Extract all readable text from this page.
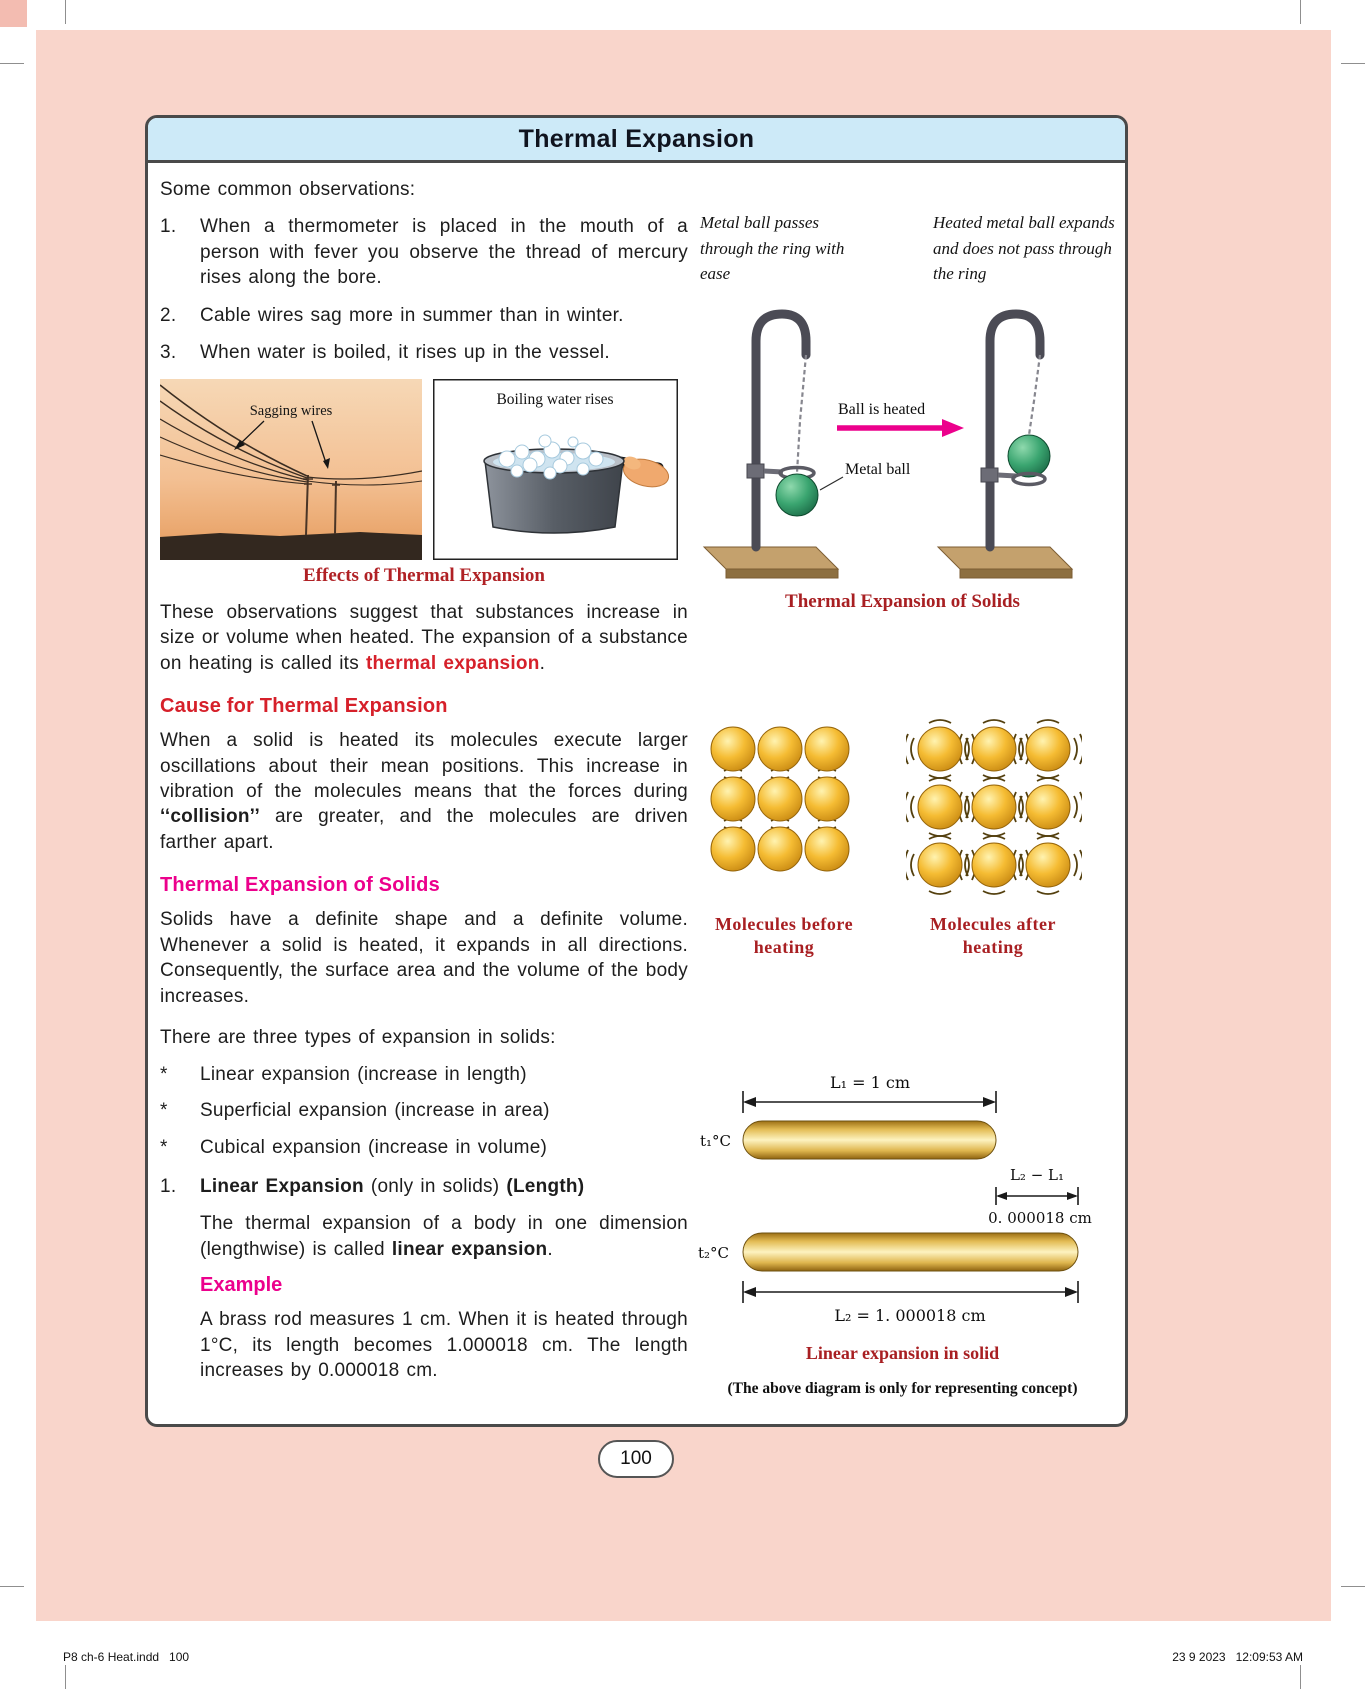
Thermal Expansion
Some common observations:
1.	When a thermometer is placed in the mouth of a person with fever you observe the thread of mercury rises along the bore.
2.	Cable wires sag more in summer than in winter.
3.	When water is boiled, it rises up in the vessel.
Sagging wires
Boiling water rises
Effects of Thermal Expansion
These observations suggest that substances increase in size or volume when heated. The expansion of a substance on heating is called its thermal expansion.
Cause for Thermal Expansion
When a solid is heated its molecules execute larger oscillations about their mean positions. This increase in vibration of the molecules means that the forces during ‘‘collision’’ are greater, and the molecules are driven farther apart.
Thermal Expansion of Solids
Solids have a definite shape and a definite volume. Whenever a solid is heated, it expands in all directions. Consequently, the surface area and the volume of the body increases.
There are three types of expansion in solids:
*	Linear expansion (increase in length)
*	Superficial expansion (increase in area)
*	Cubical expansion (increase in volume)
1.	Linear Expansion (only in solids) (Length)
The thermal expansion of a body in one dimension (lengthwise) is called linear expansion.
Example
A brass rod measures 1 cm. When it is heated through 1°C, its length becomes 1.000018 cm. The length increases by 0.000018 cm.
Metal ball passes through the ring with ease
Heated metal ball expands and does not pass through the ring
Ball is heated
Metal ball
Thermal Expansion of Solids
Molecules before heating
Molecules after heating
L₁ = 1 cm
t₁°C
L₂ − L₁
0. 000018 cm
t₂°C
L₂ = 1. 000018 cm
Linear expansion in solid
(The above diagram is only for representing concept)
100
P8 ch-6 Heat.indd   100	23 9 2023   12:09:53 AM
